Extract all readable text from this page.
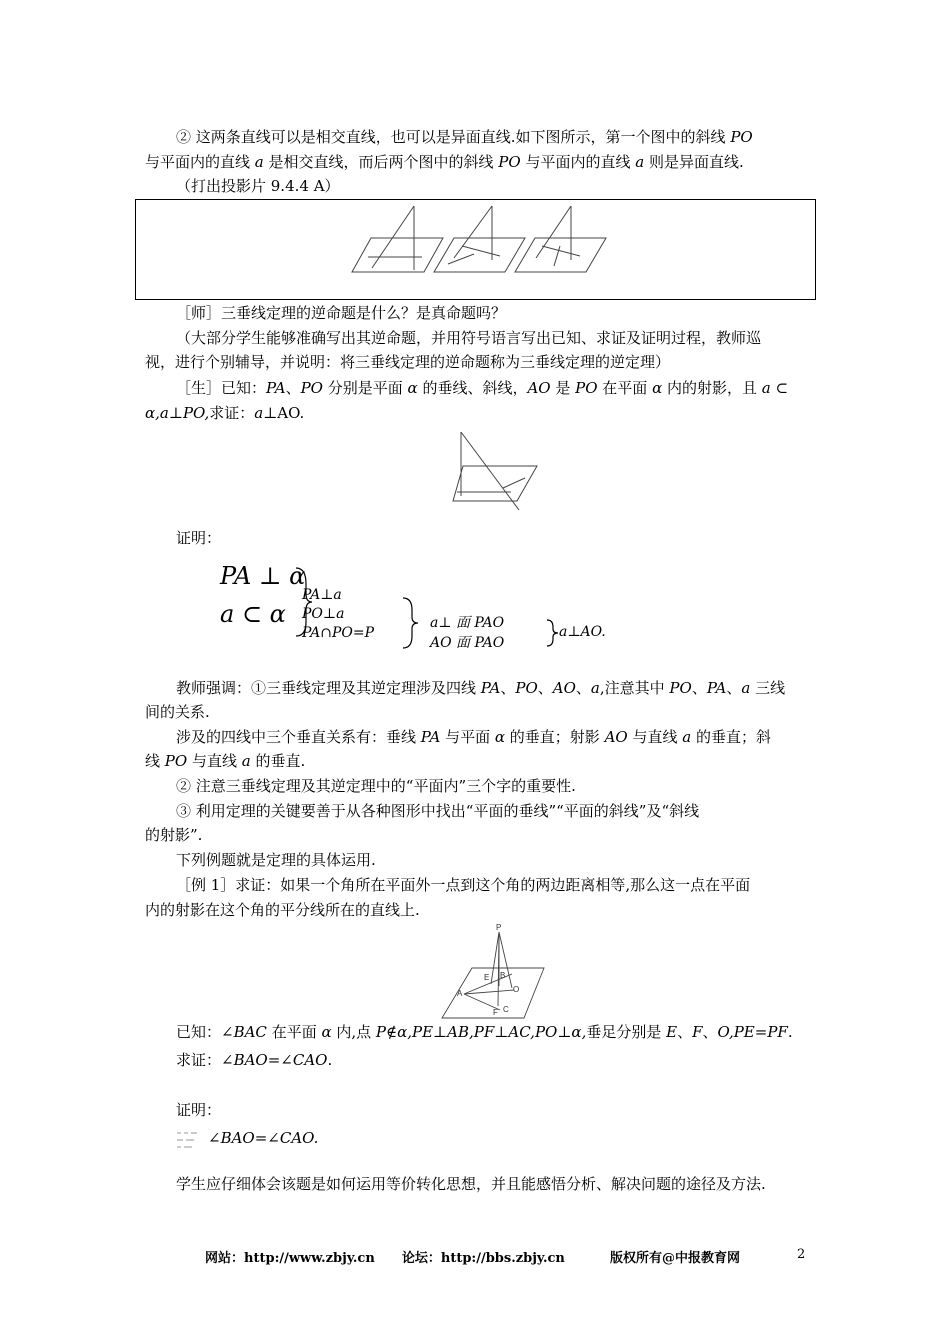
② 这两条直线可以是相交直线，也可以是异面直线.如下图所示，第一个图中的斜线 PO
与平面内的直线 a 是相交直线，而后两个图中的斜线 PO 与平面内的直线 a 则是异面直线.
（打出投影片 9.4.4 A）
［师］三垂线定理的逆命题是什么？是真命题吗？
（大部分学生能够准确写出其逆命题，并用符号语言写出已知、求证及证明过程，教师巡
视，进行个别辅导，并说明：将三垂线定理的逆命题称为三垂线定理的逆定理）
［生］已知：PA、PO 分别是平面 α 的垂线、斜线，AO 是 PO 在平面 α 内的射影，且 a ⊂
α,a⊥PO,求证：a⊥AO.
证明：
PA ⊥ α
a ⊂ α
PA⊥a
PO⊥a
PA∩PO=P
a⊥ 面 PAO
AO 面 PAO
a⊥AO.
教师强调：①三垂线定理及其逆定理涉及四线 PA、PO、AO、a,注意其中 PO、PA、a 三线
间的关系.
涉及的四线中三个垂直关系有：垂线 PA 与平面 α 的垂直；射影 AO 与直线 a 的垂直；斜
线 PO 与直线 a 的垂直.
② 注意三垂线定理及其逆定理中的“平面内”三个字的重要性.
③ 利用定理的关键要善于从各种图形中找出“平面的垂线”“平面的斜线”及“斜线
的射影”.
下列例题就是定理的具体运用.
［例 1］求证：如果一个角所在平面外一点到这个角的两边距离相等,那么这一点在平面
内的射影在这个角的平分线所在的直线上.
P
E B
A	O
F C
已知：∠BAC 在平面 α 内,点 P∉α,PE⊥AB,PF⊥AC,PO⊥α,垂足分别是 E、F、O,PE=PF.
求证：∠BAO=∠CAO.
证明：
∠BAO=∠CAO.
学生应仔细体会该题是如何运用等价转化思想，并且能感悟分析、解决问题的途径及方法.
网站：http://www.zbjy.cn 论坛：http://bbs.zbjy.cn	版权所有@中报教育网	2
